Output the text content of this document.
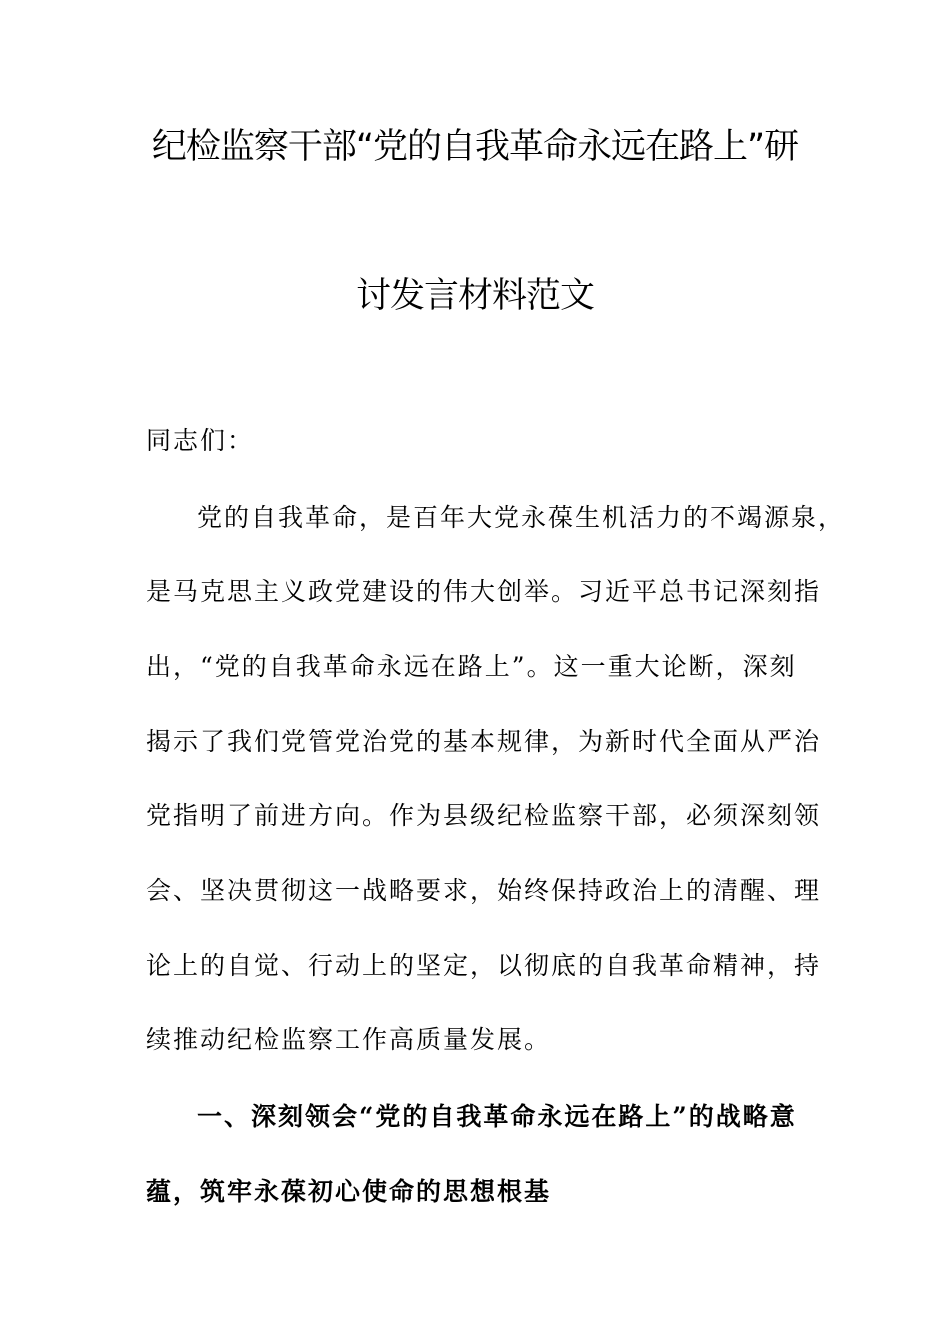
纪检监察干部“党的自我革命永远在路上”研
讨发言材料范文
同志们：
党的自我革命，是百年大党永葆生机活力的不竭源泉，
是马克思主义政党建设的伟大创举。习近平总书记深刻指
出，“党的自我革命永远在路上”。这一重大论断，深刻
揭示了我们党管党治党的基本规律，为新时代全面从严治
党指明了前进方向。作为县级纪检监察干部，必须深刻领
会、坚决贯彻这一战略要求，始终保持政治上的清醒、理
论上的自觉、行动上的坚定，以彻底的自我革命精神，持
续推动纪检监察工作高质量发展。
一、深刻领会“党的自我革命永远在路上”的战略意
蕴，筑牢永葆初心使命的思想根基
